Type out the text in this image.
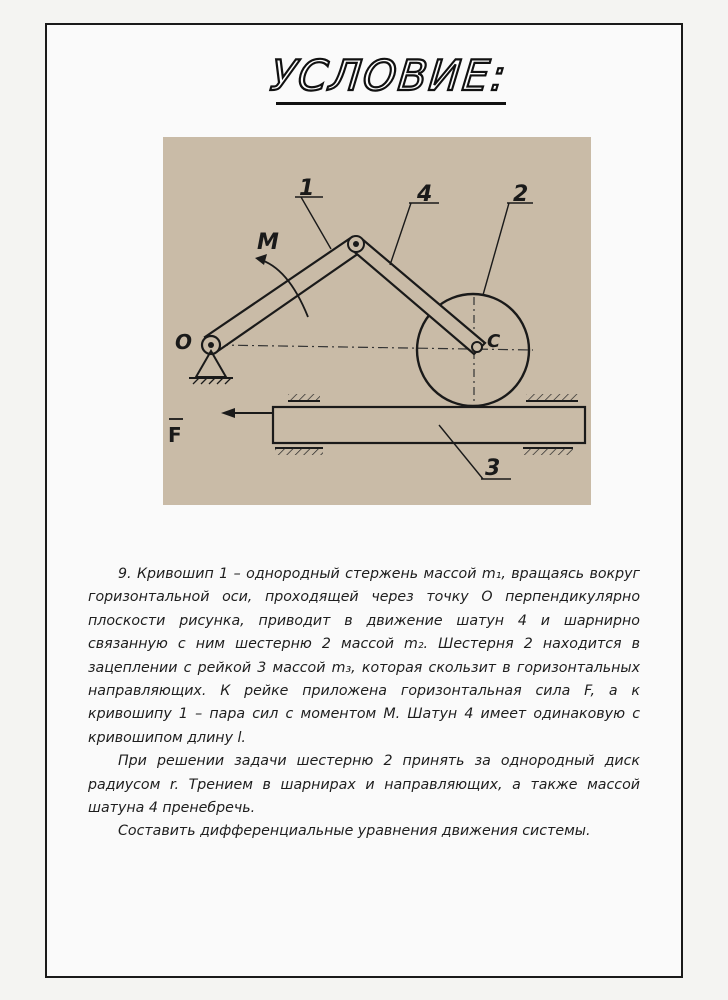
УСЛОВИЕ:
1	4	2
3
M
O	C
F

9. Кривошип 1 – однородный стержень массой m₁, вращаясь вокруг горизонтальной оси, проходящей через точку О перпендикулярно плоскости рисунка, приводит в движение шатун 4 и шарнирно связанную с ним шестерню 2 массой m₂. Шестерня 2 находится в зацеплении с рейкой 3 массой m₃, которая скользит в горизонтальных направляющих. К рейке приложена горизонтальная сила F, а к кривошипу 1 – пара сил с моментом М. Шатун 4 имеет одинаковую с кривошипом длину l.

При решении задачи шестерню 2 принять за однородный диск радиусом r. Трением в шарнирах и направляющих, а также массой шатуна 4 пренебречь.

Составить дифференциальные уравнения движения системы.
